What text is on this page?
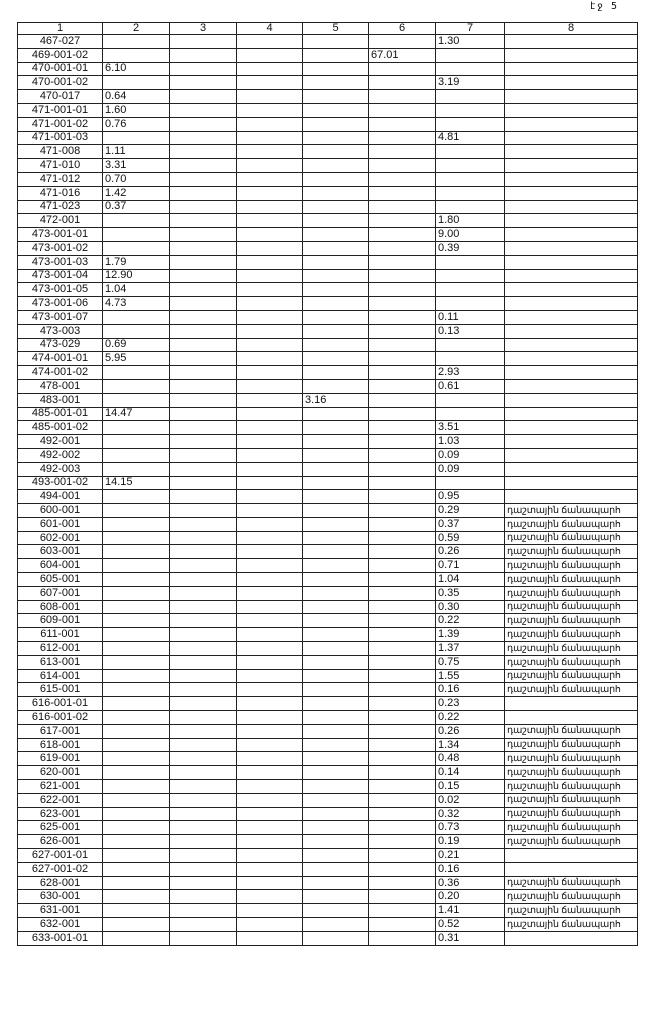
էջ 5
1	2	3	4	5	6	7	8
467-027						1.30	
469-001-02					67.01		
470-001-01	6.10						
470-001-02						3.19	
470-017	0.64						
471-001-01	1.60						
471-001-02	0.76						
471-001-03						4.81	
471-008	1.11						
471-010	3.31						
471-012	0.70						
471-016	1.42						
471-023	0.37						
472-001						1.80	
473-001-01						9.00	
473-001-02						0.39	
473-001-03	1.79						
473-001-04	12.90						
473-001-05	1.04						
473-001-06	4.73						
473-001-07						0.11	
473-003						0.13	
473-029	0.69						
474-001-01	5.95						
474-001-02						2.93	
478-001						0.61	
483-001				3.16			
485-001-01	14.47						
485-001-02						3.51	
492-001						1.03	
492-002						0.09	
492-003						0.09	
493-001-02	14.15						
494-001						0.95	
600-001						0.29	դաշտային ճանապարհ
601-001						0.37	դաշտային ճանապարհ
602-001						0.59	դաշտային ճանապարհ
603-001						0.26	դաշտային ճանապարհ
604-001						0.71	դաշտային ճանապարհ
605-001						1.04	դաշտային ճանապարհ
607-001						0.35	դաշտային ճանապարհ
608-001						0.30	դաշտային ճանապարհ
609-001						0.22	դաշտային ճանապարհ
611-001						1.39	դաշտային ճանապարհ
612-001						1.37	դաշտային ճանապարհ
613-001						0.75	դաշտային ճանապարհ
614-001						1.55	դաշտային ճանապարհ
615-001						0.16	դաշտային ճանապարհ
616-001-01						0.23	
616-001-02						0.22	
617-001						0.26	դաշտային ճանապարհ
618-001						1.34	դաշտային ճանապարհ
619-001						0.48	դաշտային ճանապարհ
620-001						0.14	դաշտային ճանապարհ
621-001						0.15	դաշտային ճանապարհ
622-001						0.02	դաշտային ճանապարհ
623-001						0.32	դաշտային ճանապարհ
625-001						0.73	դաշտային ճանապարհ
626-001						0.19	դաշտային ճանապարհ
627-001-01						0.21	
627-001-02						0.16	
628-001						0.36	դաշտային ճանապարհ
630-001						0.20	դաշտային ճանապարհ
631-001						1.41	դաշտային ճանապարհ
632-001						0.52	դաշտային ճանապարհ
633-001-01						0.31	
